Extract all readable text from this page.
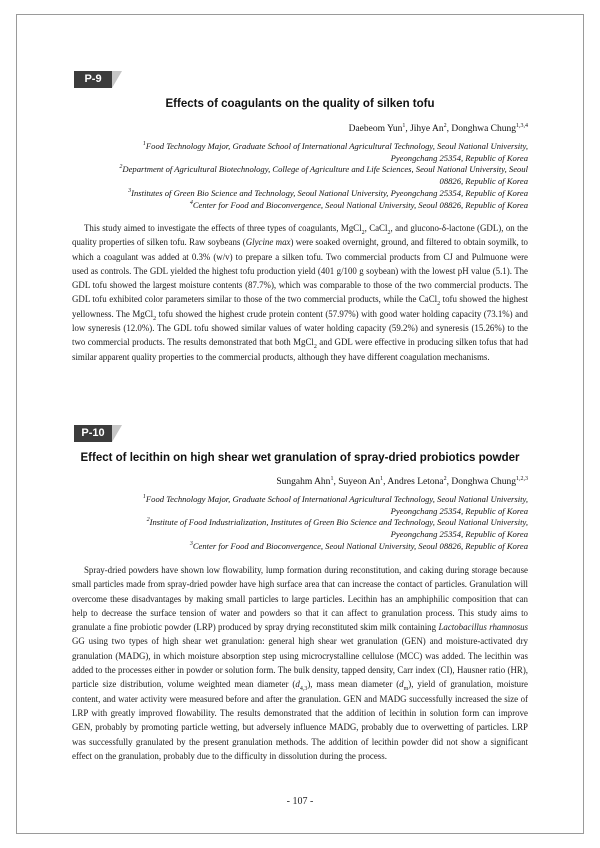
P-9
Effects of coagulants on the quality of silken tofu
Daebeom Yun$^1$, Jihye An$^2$, Donghwa Chung$^{1,3,4}$

$^1$Food Technology Major, Graduate School of International Agricultural Technology, Seoul National University,

Pyeongchang 25354, Republic of Korea

$^2$Department of Agricultural Biotechnology, College of Agriculture and Life Sciences, Seoul National University, Seoul

08826, Republic of Korea

$^3$Institutes of Green Bio Science and Technology, Seoul National University, Pyeongchang 25354, Republic of Korea

$^4$Center for Food and Bioconvergence, Seoul National University, Seoul 08826, Republic of Korea

This study aimed to investigate the effects of three types of coagulants, MgCl$_2$, CaCl$_2$, and glucono-δ-lactone (GDL), on the quality properties of silken tofu. Raw soybeans (Glycine max) were soaked overnight, ground, and filtered to obtain soymilk, to which a coagulant was added at 0.3% (w/v) to prepare a silken tofu. Two commercial products from CJ and Pulmuone were used as controls. The GDL yielded the highest tofu production yield (401 g/100 g soybean) with the lowest pH value (5.1). The GDL tofu showed the largest moisture contents (87.7%), which was comparable to those of the two commercial products. The GDL tofu exhibited color parameters similar to those of the two commercial products, while the CaCl$_2$ tofu showed the highest yellowness. The MgCl$_2$ tofu showed the highest crude protein content (57.97%) with good water holding capacity (73.1%) and low syneresis (12.0%). The GDL tofu showed similar values of water holding capacity (59.2%) and syneresis (15.26%) to the two commercial products. The results demonstrated that both MgCl$_2$ and GDL were effective in producing silken tofus that had similar apparent quality properties to the commercial products, although they have different coagulation mechanisms.

P-10
Effect of lecithin on high shear wet granulation of spray-dried probiotics powder
Sungahm Ahn$^1$, Suyeon An$^1$, Andres Letona$^2$, Donghwa Chung$^{1,2,3}$

$^1$Food Technology Major, Graduate School of International Agricultural Technology, Seoul National University,

Pyeongchang 25354, Republic of Korea

$^2$Institute of Food Industrialization, Institutes of Green Bio Science and Technology, Seoul National University,

Pyeongchang 25354, Republic of Korea

$^3$Center for Food and Bioconvergence, Seoul National University, Seoul 08826, Republic of Korea

Spray-dried powders have shown low flowability, lump formation during reconstitution, and caking during storage because small particles made from spray-dried powder have high surface area that can increase the contact of particles. Granulation will overcome these disadvantages by making small particles to large particles. Lecithin has an amphiphilic composition that can help to decrease the surface tension of water and powders so that it can affect to granulation process. This study aims to granulate a fine probiotic powder (LRP) produced by spray drying reconstituted skim milk containing Lactobacillus rhamnosus GG using two types of high shear wet granulation: general high shear wet granulation (GEN) and moisture-activated dry granulation (MADG), in which moisture absorption step using microcrystalline cellulose (MCC) was added. The lecithin was added to the processes either in powder or solution form. The bulk density, tapped density, Carr index (CI), Hausner ratio (HR), particle size distribution, volume weighted mean diameter $(d_{4,3})$, mass mean diameter $(d_m)$, yield of granulation, moisture content, and water activity were measured before and after the granulation. GEN and MADG successfully increased the size of LRP with greatly improved flowability. The results demonstrated that the addition of lecithin in solution form can improve GEN, probably by promoting particle wetting, but adversely influence MADG, probably due to overwetting of particles. LRP was successfully granulated by the present granulation methods. The addition of lecithin powder did not show a significant effect on the granulation, probably due to the difficulty in dissolution during the process.

- 107 -
